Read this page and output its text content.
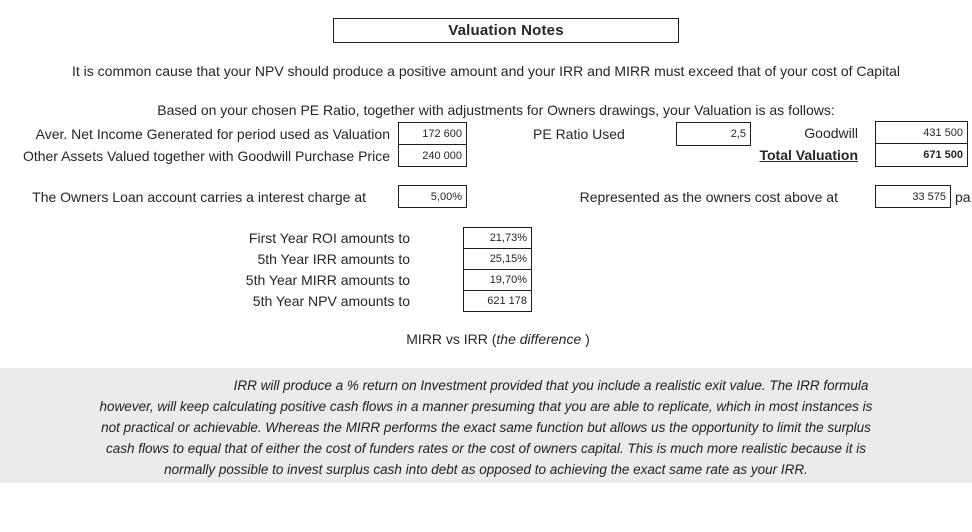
Valuation Notes
It is common cause that your NPV should produce a positive amount and your IRR and MIRR must exceed that of your cost of Capital
Based on your chosen PE Ratio, together with adjustments for Owners drawings, your Valuation is as follows:
Aver. Net Income Generated for period used as Valuation	172 600	PE Ratio Used	2,5	Goodwill	431 500
Other Assets Valued together with Goodwill Purchase Price	240 000	Total Valuation	671 500
The Owners Loan account carries a interest charge at	5,00%	Represented as the owners cost above at	33 575 pa
First Year ROI amounts to	21,73%
5th Year IRR amounts to	25,15%
5th Year MIRR amounts to	19,70%
5th Year NPV amounts to	621 178
MIRR vs IRR (the difference )
IRR will produce a % return on Investment provided that you include a realistic exit value. The IRR formula
however, will keep calculating positive cash flows in a manner presuming that you are able to replicate, which in most instances is
not practical or achievable. Whereas the MIRR performs the exact same function but allows us the opportunity to limit the surplus
cash flows to equal that of either the cost of funders rates or the cost of owners capital. This is much more realistic because it is
normally possible to invest surplus cash into debt as opposed to achieving the exact same rate as your IRR.
